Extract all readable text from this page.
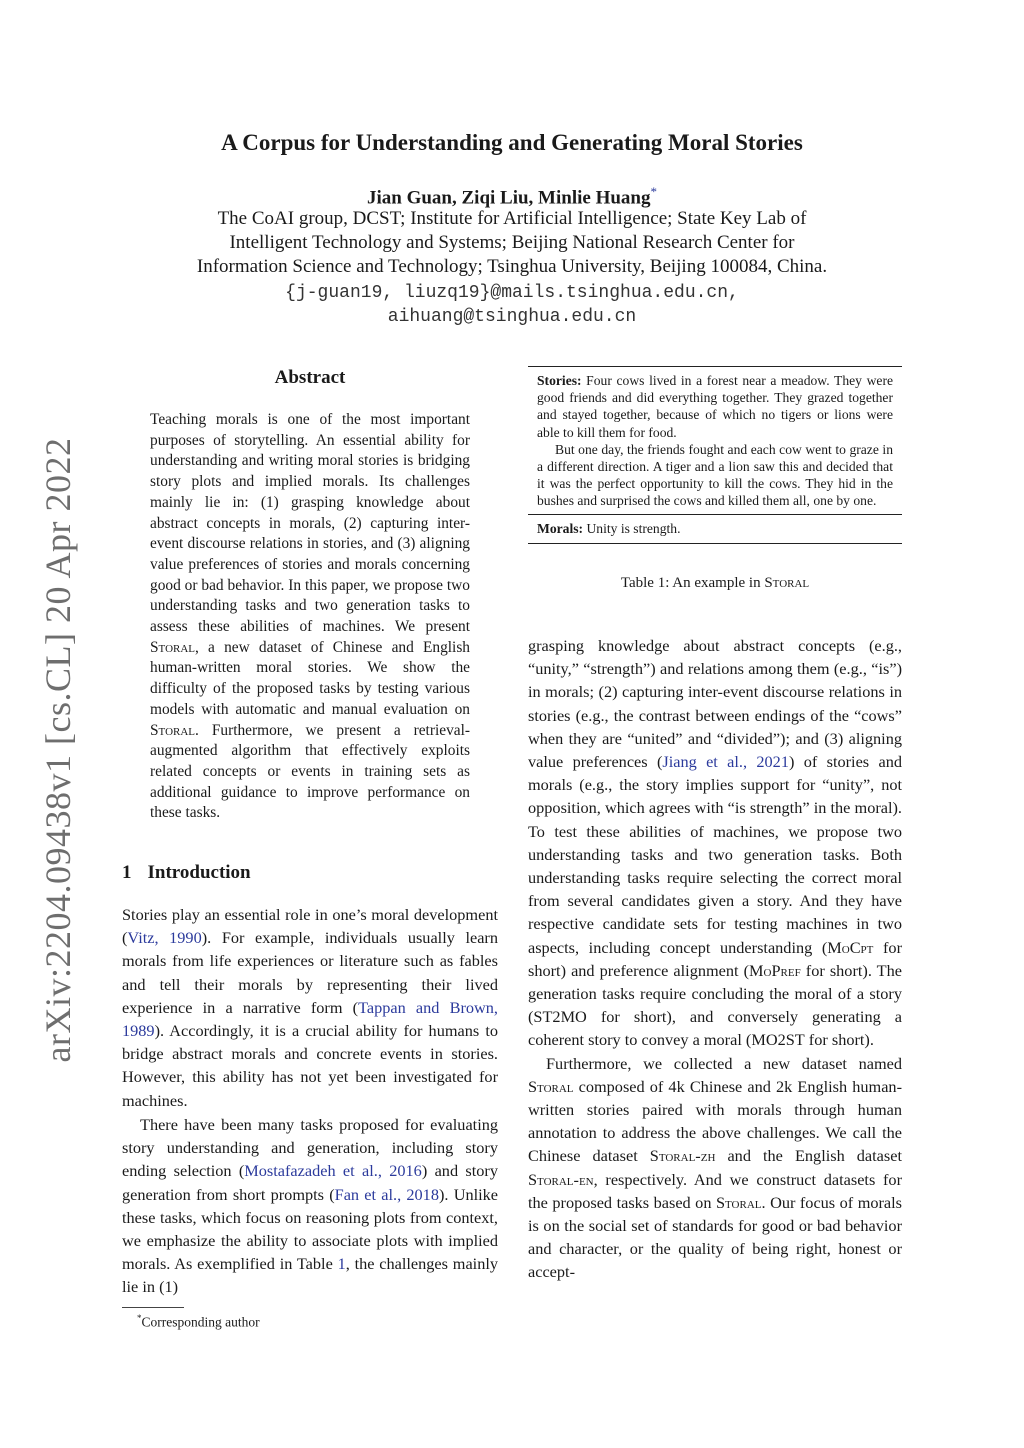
A Corpus for Understanding and Generating Moral Stories
Jian Guan, Ziqi Liu, Minlie Huang*
The CoAI group, DCST; Institute for Artificial Intelligence; State Key Lab of
Intelligent Technology and Systems; Beijing National Research Center for
Information Science and Technology; Tsinghua University, Beijing 100084, China.
{j-guan19, liuzq19}@mails.tsinghua.edu.cn,
aihuang@tsinghua.edu.cn
arXiv:2204.09438v1 [cs.CL] 20 Apr 2022
Abstract
Teaching morals is one of the most important purposes of storytelling. An essential ability for understanding and writing moral stories is bridging story plots and implied morals. Its challenges mainly lie in: (1) grasping knowledge about abstract concepts in morals, (2) capturing inter-event discourse relations in stories, and (3) aligning value preferences of stories and morals concerning good or bad behavior. In this paper, we propose two understanding tasks and two generation tasks to assess these abilities of machines. We present Storal, a new dataset of Chinese and English human-written moral stories. We show the difficulty of the proposed tasks by testing various models with automatic and manual evaluation on Storal. Furthermore, we present a retrieval-augmented algorithm that effectively exploits related concepts or events in training sets as additional guidance to improve performance on these tasks.
1 Introduction

Stories play an essential role in one’s moral development (Vitz, 1990). For example, individuals usually learn morals from life experiences or literature such as fables and tell their morals by representing their lived experience in a narrative form (Tappan and Brown, 1989). Accordingly, it is a crucial ability for humans to bridge abstract morals and concrete events in stories. However, this ability has not yet been investigated for machines.

There have been many tasks proposed for evaluating story understanding and generation, including story ending selection (Mostafazadeh et al., 2016) and story generation from short prompts (Fan et al., 2018). Unlike these tasks, which focus on reasoning plots from context, we emphasize the ability to associate plots with implied morals. As exemplified in Table 1, the challenges mainly lie in (1)

*Corresponding author

Stories: Four cows lived in a forest near a meadow. They were good friends and did everything together. They grazed together and stayed together, because of which no tigers or lions were able to kill them for food.

But one day, the friends fought and each cow went to graze in a different direction. A tiger and a lion saw this and decided that it was the perfect opportunity to kill the cows. They hid in the bushes and surprised the cows and killed them all, one by one.

Morals: Unity is strength.
Table 1: An example in Storal

grasping knowledge about abstract concepts (e.g., “unity,” “strength”) and relations among them (e.g., “is”) in morals; (2) capturing inter-event discourse relations in stories (e.g., the contrast between endings of the “cows” when they are “united” and “divided”); and (3) aligning value preferences (Jiang et al., 2021) of stories and morals (e.g., the story implies support for “unity”, not opposition, which agrees with “is strength” in the moral). To test these abilities of machines, we propose two understanding tasks and two generation tasks. Both understanding tasks require selecting the correct moral from several candidates given a story. And they have respective candidate sets for testing machines in two aspects, including concept understanding (MoCpt for short) and preference alignment (MoPref for short). The generation tasks require concluding the moral of a story (ST2MO for short), and conversely generating a coherent story to convey a moral (MO2ST for short).

Furthermore, we collected a new dataset named Storal composed of 4k Chinese and 2k English human-written stories paired with morals through human annotation to address the above challenges. We call the Chinese dataset Storal-zh and the English dataset Storal-en, respectively. And we construct datasets for the proposed tasks based on Storal. Our focus of morals is on the social set of standards for good or bad behavior and character, or the quality of being right, honest or accept-
